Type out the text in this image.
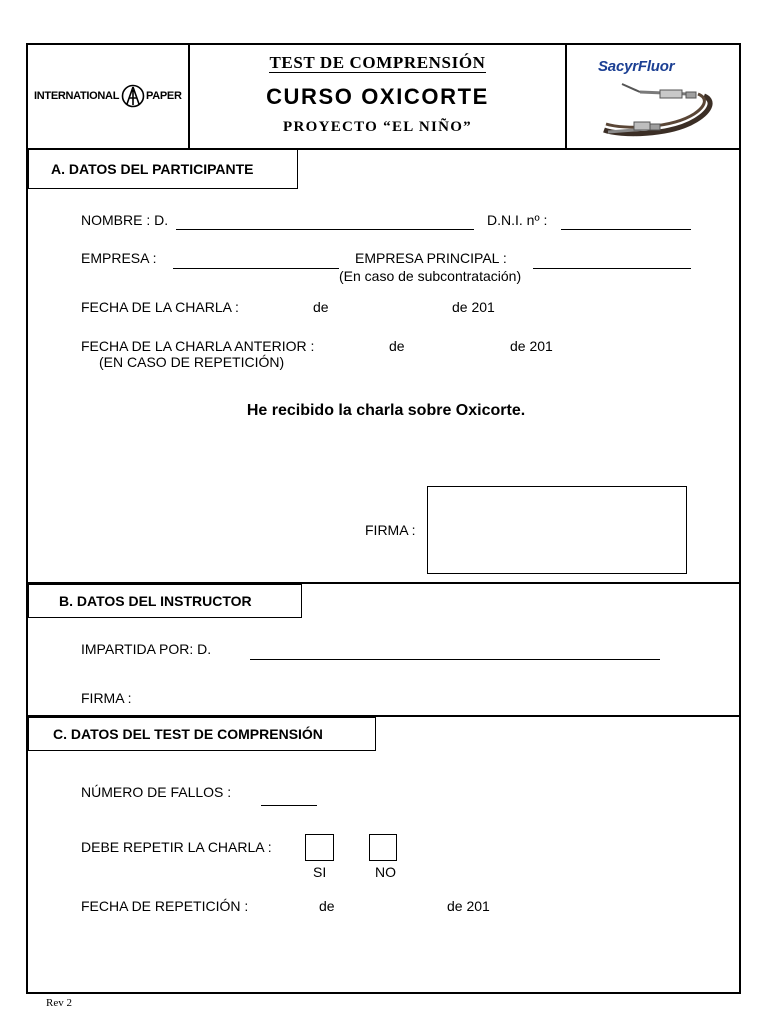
INTERNATIONAL PAPER
TEST DE COMPRENSIÓN
CURSO OXICORTE
PROYECTO “EL NIÑO”
SacyrFluor
A. DATOS DEL PARTICIPANTE
NOMBRE : D.	D.N.I. nº :
EMPRESA :	EMPRESA PRINCIPAL :
(En caso de subcontratación)
FECHA DE LA CHARLA :	de	de 201
FECHA DE LA CHARLA ANTERIOR :	de	de 201
(EN CASO DE REPETICIÓN)
He recibido la charla sobre Oxicorte.
FIRMA :
B. DATOS DEL INSTRUCTOR
IMPARTIDA POR: D.
FIRMA :
C. DATOS DEL TEST DE COMPRENSIÓN
NÚMERO DE FALLOS :
DEBE REPETIR LA CHARLA :
SI	NO
FECHA DE REPETICIÓN :	de	de 201
Rev 2
